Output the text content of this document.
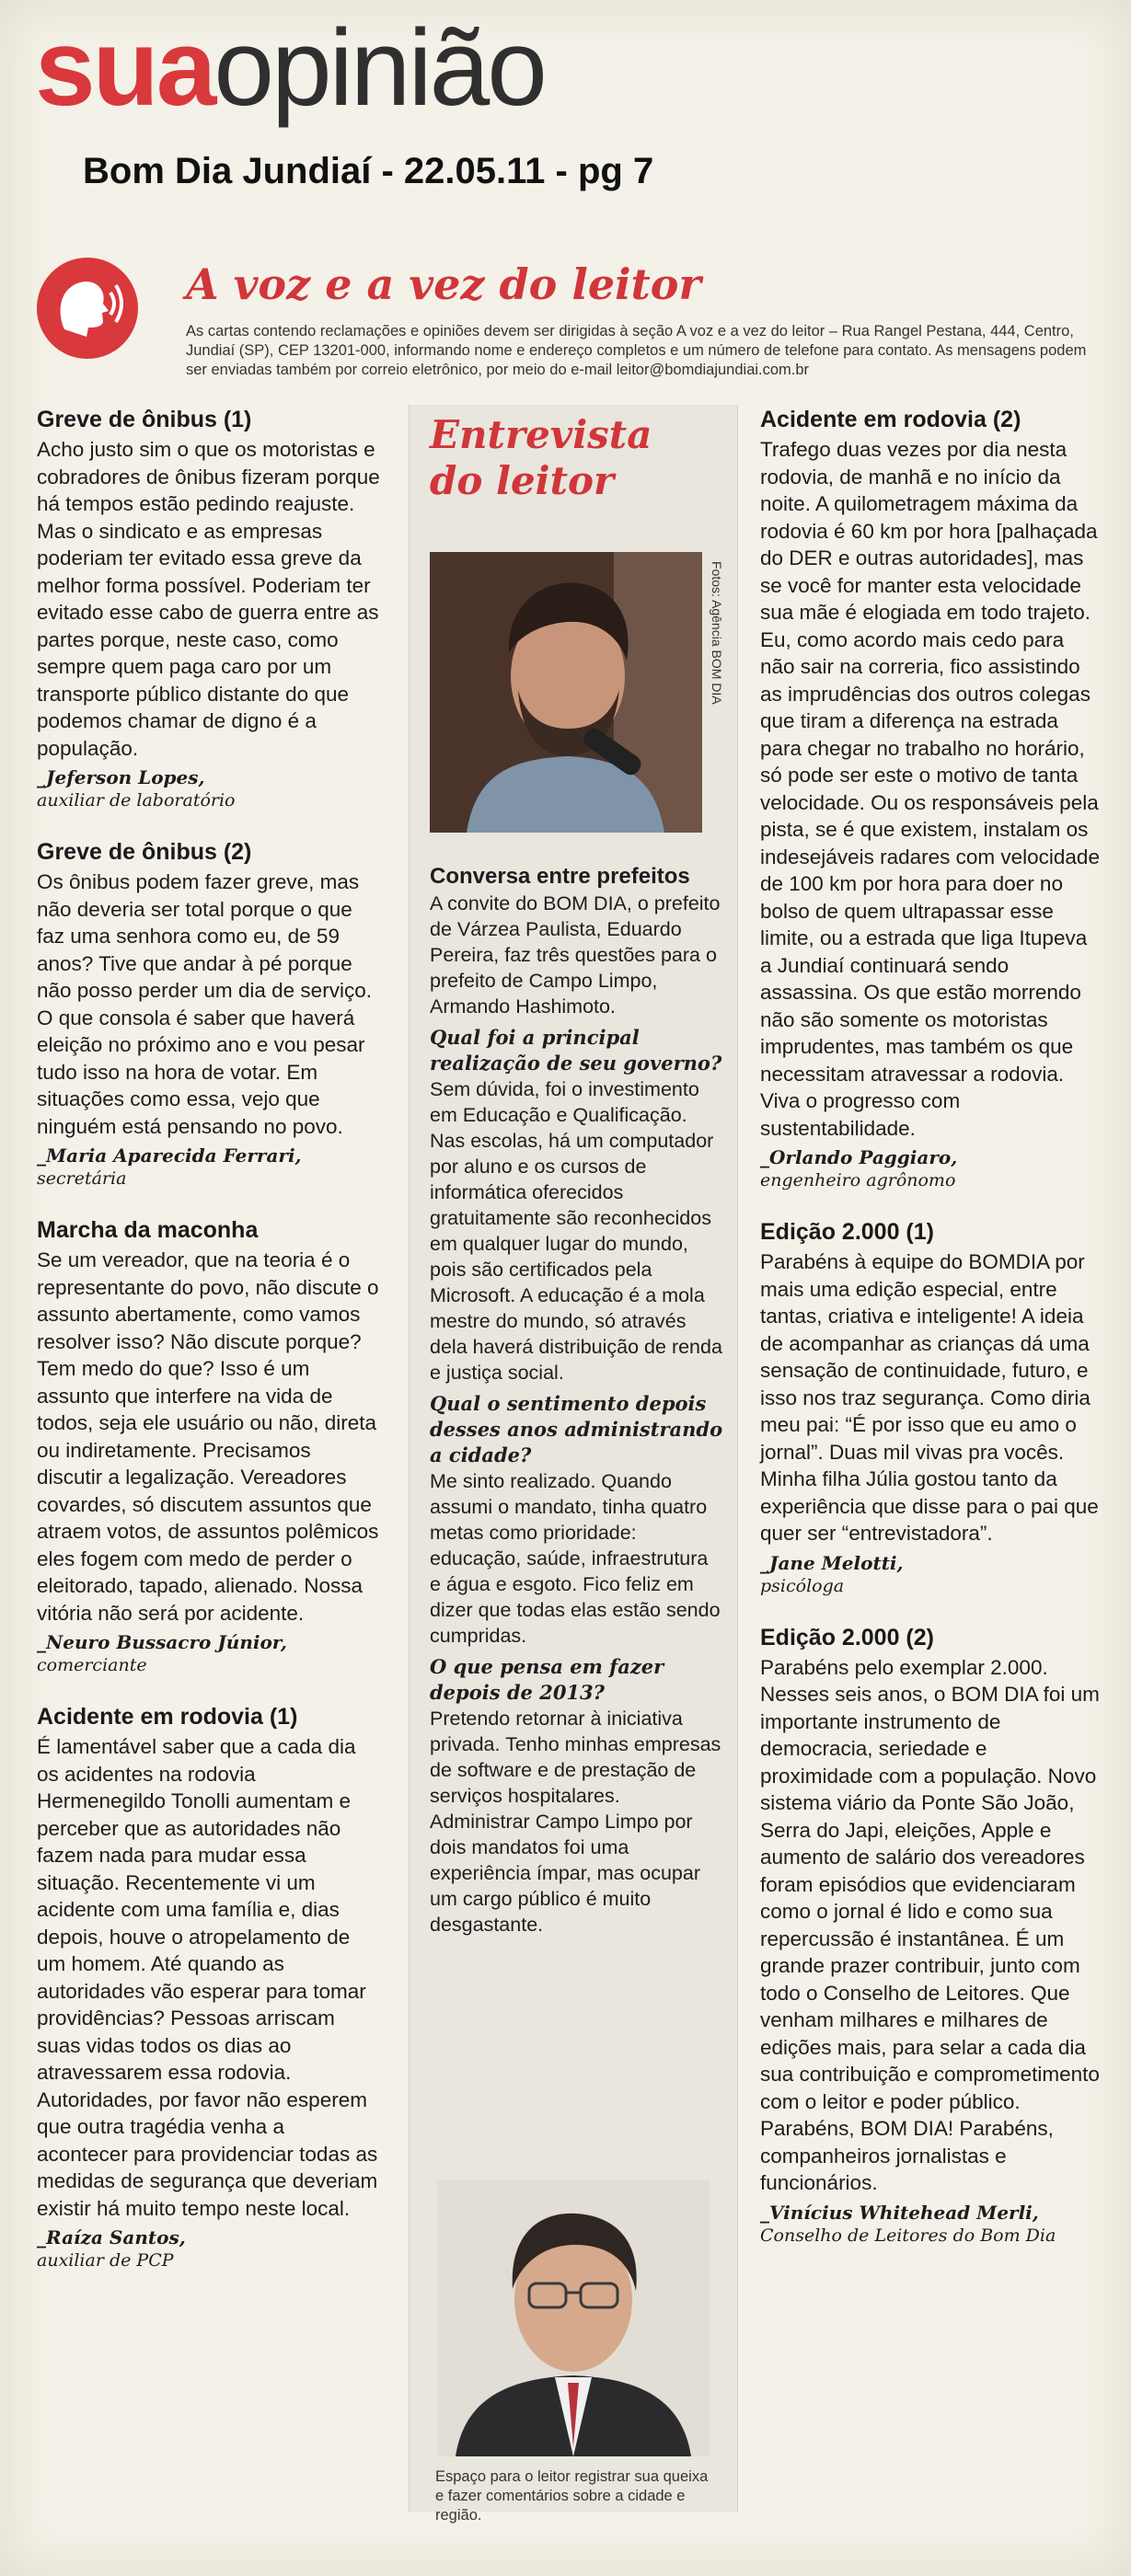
suaopinião
Bom Dia Jundiaí - 22.05.11 - pg 7
A voz e a vez do leitor
As cartas contendo reclamações e opiniões devem ser dirigidas à seção A voz e a vez do leitor – Rua Rangel Pestana, 444, Centro, Jundiaí (SP), CEP 13201-000, informando nome e endereço completos e um número de telefone para contato. As mensagens podem ser enviadas também por correio eletrônico, por meio do e-mail leitor@bomdiajundiai.com.br
Greve de ônibus (1)

Acho justo sim o que os motoristas e cobradores de ônibus fizeram porque há tempos estão pedindo reajuste. Mas o sindicato e as empresas poderiam ter evitado essa greve da melhor forma possível. Poderiam ter evitado esse cabo de guerra entre as partes porque, neste caso, como sempre quem paga caro por um transporte público distante do que podemos chamar de digno é a população.

_Jeferson Lopes,
auxiliar de laboratório
Greve de ônibus (2)

Os ônibus podem fazer greve, mas não deveria ser total porque o que faz uma senhora como eu, de 59 anos? Tive que andar à pé porque não posso perder um dia de serviço. O que consola é saber que haverá eleição no próximo ano e vou pesar tudo isso na hora de votar. Em situações como essa, vejo que ninguém está pensando no povo.

_Maria Aparecida Ferrari,
secretária
Marcha da maconha

Se um vereador, que na teoria é o representante do povo, não discute o assunto abertamente, como vamos resolver isso? Não discute porque? Tem medo do que? Isso é um assunto que interfere na vida de todos, seja ele usuário ou não, direta ou indiretamente. Precisamos discutir a legalização. Vereadores covardes, só discutem assuntos que atraem votos, de assuntos polêmicos eles fogem com medo de perder o eleitorado, tapado, alienado. Nossa vitória não será por acidente.

_Neuro Bussacro Júnior,
comerciante
Acidente em rodovia (1)

É lamentável saber que a cada dia os acidentes na rodovia Hermenegildo Tonolli aumentam e perceber que as autoridades não fazem nada para mudar essa situação. Recentemente vi um acidente com uma família e, dias depois, houve o atropelamento de um homem. Até quando as autoridades vão esperar para tomar providências? Pessoas arriscam suas vidas todos os dias ao atravessarem essa rodovia. Autoridades, por favor não esperem que outra tragédia venha a acontecer para providenciar todas as medidas de segurança que deveriam existir há muito tempo neste local.

_Raíza Santos,
auxiliar de PCP
Entrevista
do leitor
Fotos: Agência BOM DIA
Conversa entre prefeitos

A convite do BOM DIA, o prefeito de Várzea Paulista, Eduardo Pereira, faz três questões para o prefeito de Campo Limpo, Armando Hashimoto.

Qual foi a principal realização de seu governo?

Sem dúvida, foi o investimento em Educação e Qualificação. Nas escolas, há um computador por aluno e os cursos de informática oferecidos gratuitamente são reconhecidos em qualquer lugar do mundo, pois são certificados pela Microsoft. A educação é a mola mestre do mundo, só através dela haverá distribuição de renda e justiça social.

Qual o sentimento depois desses anos administrando a cidade?

Me sinto realizado. Quando assumi o mandato, tinha quatro metas como prioridade: educação, saúde, infraestrutura e água e esgoto. Fico feliz em dizer que todas elas estão sendo cumpridas.

O que pensa em fazer depois de 2013?

Pretendo retornar à iniciativa privada. Tenho minhas empresas de software e de prestação de serviços hospitalares. Administrar Campo Limpo por dois mandatos foi uma experiência ímpar, mas ocupar um cargo público é muito desgastante.

Espaço para o leitor registrar sua queixa e fazer comentários sobre a cidade e região.
Acidente em rodovia (2)

Trafego duas vezes por dia nesta rodovia, de manhã e no início da noite. A quilometragem máxima da rodovia é 60 km por hora [palhaçada do DER e outras autoridades], mas se você for manter esta velocidade sua mãe é elogiada em todo trajeto. Eu, como acordo mais cedo para não sair na correria, fico assistindo as imprudências dos outros colegas que tiram a diferença na estrada para chegar no trabalho no horário, só pode ser este o motivo de tanta velocidade. Ou os responsáveis pela pista, se é que existem, instalam os indesejáveis radares com velocidade de 100 km por hora para doer no bolso de quem ultrapassar esse limite, ou a estrada que liga Itupeva a Jundiaí continuará sendo assassina. Os que estão morrendo não são somente os motoristas imprudentes, mas também os que necessitam atravessar a rodovia. Viva o progresso com sustentabilidade.

_Orlando Paggiaro,
engenheiro agrônomo
Edição 2.000 (1)

Parabéns à equipe do BOMDIA por mais uma edição especial, entre tantas, criativa e inteligente! A ideia de acompanhar as crianças dá uma sensação de continuidade, futuro, e isso nos traz segurança. Como diria meu pai: “É por isso que eu amo o jornal”. Duas mil vivas pra vocês. Minha filha Júlia gostou tanto da experiência que disse para o pai que quer ser “entrevistadora”.

_Jane Melotti,
psicóloga
Edição 2.000 (2)

Parabéns pelo exemplar 2.000. Nesses seis anos, o BOM DIA foi um importante instrumento de democracia, seriedade e proximidade com a população. Novo sistema viário da Ponte São João, Serra do Japi, eleições, Apple e aumento de salário dos vereadores foram episódios que evidenciaram como o jornal é lido e como sua repercussão é instantânea. É um grande prazer contribuir, junto com todo o Conselho de Leitores. Que venham milhares e milhares de edições mais, para selar a cada dia sua contribuição e comprometimento com o leitor e poder público. Parabéns, BOM DIA! Parabéns, companheiros jornalistas e funcionários.

_Vinícius Whitehead Merli,
Conselho de Leitores do Bom Dia
